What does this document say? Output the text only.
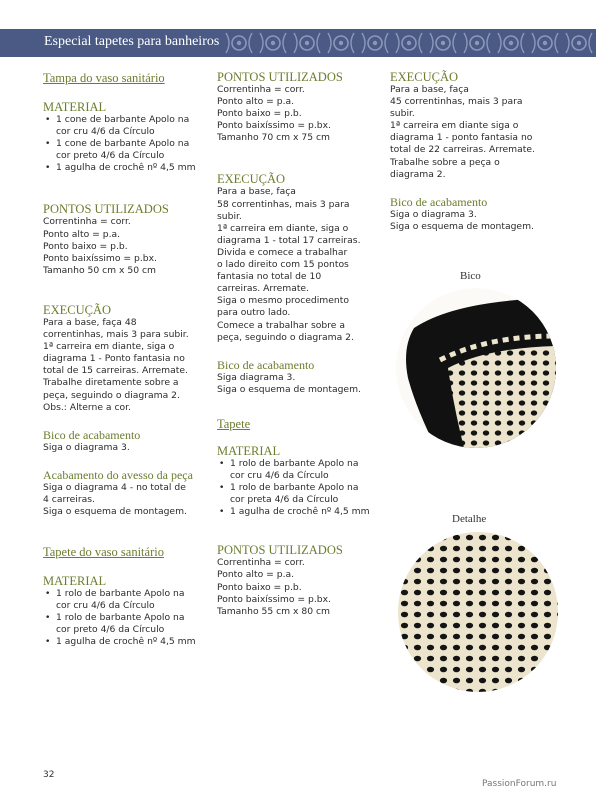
Especial tapetes para banheiros

Tampa do vaso sanitário

MATERIAL

• 1 cone de barbante Apolo na
cor cru 4/6 da Círculo
• 1 cone de barbante Apolo na
cor preto 4/6 da Círculo
• 1 agulha de crochê nº 4,5 mm

PONTOS UTILIZADOS

Correntinha = corr.

Ponto alto = p.a.

Ponto baixo = p.b.

Ponto baixíssimo = p.bx.

Tamanho 50 cm x 50 cm

EXECUÇÃO

Para a base, faça 48

correntinhas, mais 3 para subir.

1ª carreira em diante, siga o

diagrama 1 - Ponto fantasia no

total de 15 carreiras. Arremate.

Trabalhe diretamente sobre a

peça, seguindo o diagrama 2.

Obs.: Alterne a cor.

Bico de acabamento

Siga o diagrama 3.

Acabamento do avesso da peça

Siga o diagrama 4 - no total de

4 carreiras.

Siga o esquema de montagem.

Tapete do vaso sanitário

MATERIAL

• 1 rolo de barbante Apolo na
cor cru 4/6 da Círculo
• 1 rolo de barbante Apolo na
cor preto 4/6 da Círculo
• 1 agulha de crochê nº 4,5 mm

PONTOS UTILIZADOS

Correntinha = corr.

Ponto alto = p.a.

Ponto baixo = p.b.

Ponto baixíssimo = p.bx.

Tamanho 70 cm x 75 cm

EXECUÇÃO

Para a base, faça

58 correntinhas, mais 3 para

subir.

1ª carreira em diante, siga o

diagrama 1 - total 17 carreiras.

Divida e comece a trabalhar

o lado direito com 15 pontos

fantasia no total de 10

carreiras. Arremate.

Siga o mesmo procedimento

para outro lado.

Comece a trabalhar sobre a

peça, seguindo o diagrama 2.

Bico de acabamento

Siga diagrama 3.

Siga o esquema de montagem.

Tapete

MATERIAL

• 1 rolo de barbante Apolo na
cor cru 4/6 da Círculo
• 1 rolo de barbante Apolo na
cor preta 4/6 da Círculo
• 1 agulha de crochê nº 4,5 mm

PONTOS UTILIZADOS

Correntinha = corr.

Ponto alto = p.a.

Ponto baixo = p.b.

Ponto baixíssimo = p.bx.

Tamanho 55 cm x 80 cm

EXECUÇÃO

Para a base, faça

45 correntinhas, mais 3 para

subir.

1ª carreira em diante siga o

diagrama 1 - ponto fantasia no

total de 22 carreiras. Arremate.

Trabalhe sobre a peça o

diagrama 2.

Bico de acabamento

Siga o diagrama 3.

Siga o esquema de montagem.

Bico
Detalhe
32
PassionForum.ru
